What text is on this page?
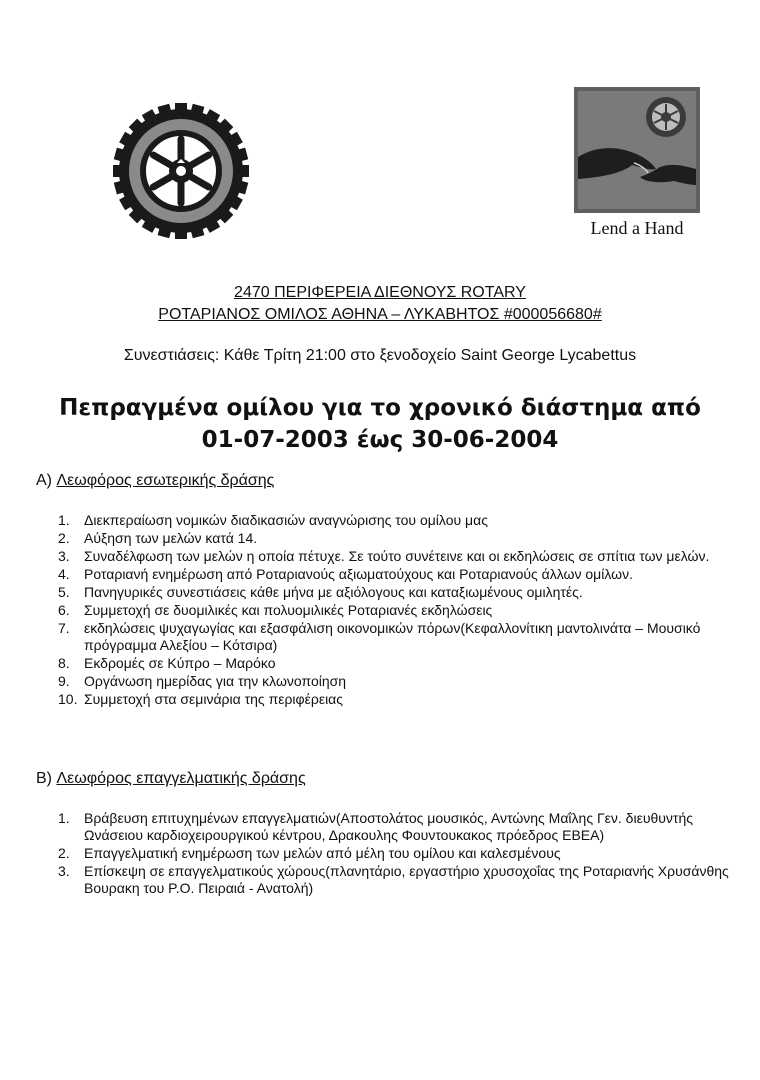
Lend a Hand
2470 ΠΕΡΙΦΕΡΕΙΑ ΔΙΕΘΝΟΥΣ ROTARY
ΡΟΤΑΡΙΑΝΟΣ ΟΜΙΛΟΣ ΑΘΗΝΑ – ΛΥΚΑΒΗΤΟΣ #000056680#
Συνεστιάσεις: Κάθε Τρίτη 21:00 στο ξενοδοχείο Saint George Lycabettus
Πεπραγμένα ομίλου για το χρονικό διάστημα από
01-07-2003 έως 30-06-2004
A) Λεωφόρος εσωτερικής δράσης
1.	Διεκπεραίωση νομικών διαδικασιών αναγνώρισης του ομίλου μας
2.	Αύξηση των μελών κατά 14.
3.	Συναδέλφωση των μελών η οποία πέτυχε. Σε τούτο συνέτεινε και οι εκδηλώσεις σε σπίτια των μελών.
4.	Ροταριανή ενημέρωση από Ροταριανούς αξιωματούχους και Ροταριανούς άλλων ομίλων.
5.	Πανηγυρικές συνεστιάσεις κάθε μήνα με αξιόλογους και καταξιωμένους ομιλητές.
6.	Συμμετοχή σε δυομιλικές και πολυομιλικές Ροταριανές εκδηλώσεις
7.	εκδηλώσεις ψυχαγωγίας και εξασφάλιση οικονομικών πόρων(Κεφαλλονίτικη μαντολινάτα – Μουσικό πρόγραμμα Αλεξίου – Κότσιρα)
8.	Εκδρομές σε Κύπρο – Μαρόκο
9.	Οργάνωση ημερίδας για την κλωνοποίηση
10. Συμμετοχή στα σεμινάρια της περιφέρειας
B) Λεωφόρος επαγγελματικής δράσης
1.	Βράβευση επιτυχημένων επαγγελματιών(Αποστολάτος μουσικός, Αντώνης Μαΐλης Γεν. διευθυντής Ωνάσειου καρδιοχειρουργικού κέντρου, Δρακουλης Φουντουκακος πρόεδρος ΕΒΕΑ)
2.	Επαγγελματική ενημέρωση των μελών από μέλη του ομίλου και καλεσμένους
3.	Επίσκεψη σε επαγγελματικούς χώρους(πλανητάριο, εργαστήριο χρυσοχοΐας της Ροταριανής Χρυσάνθης Βουρακη του Ρ.Ο. Πειραιά - Ανατολή)
